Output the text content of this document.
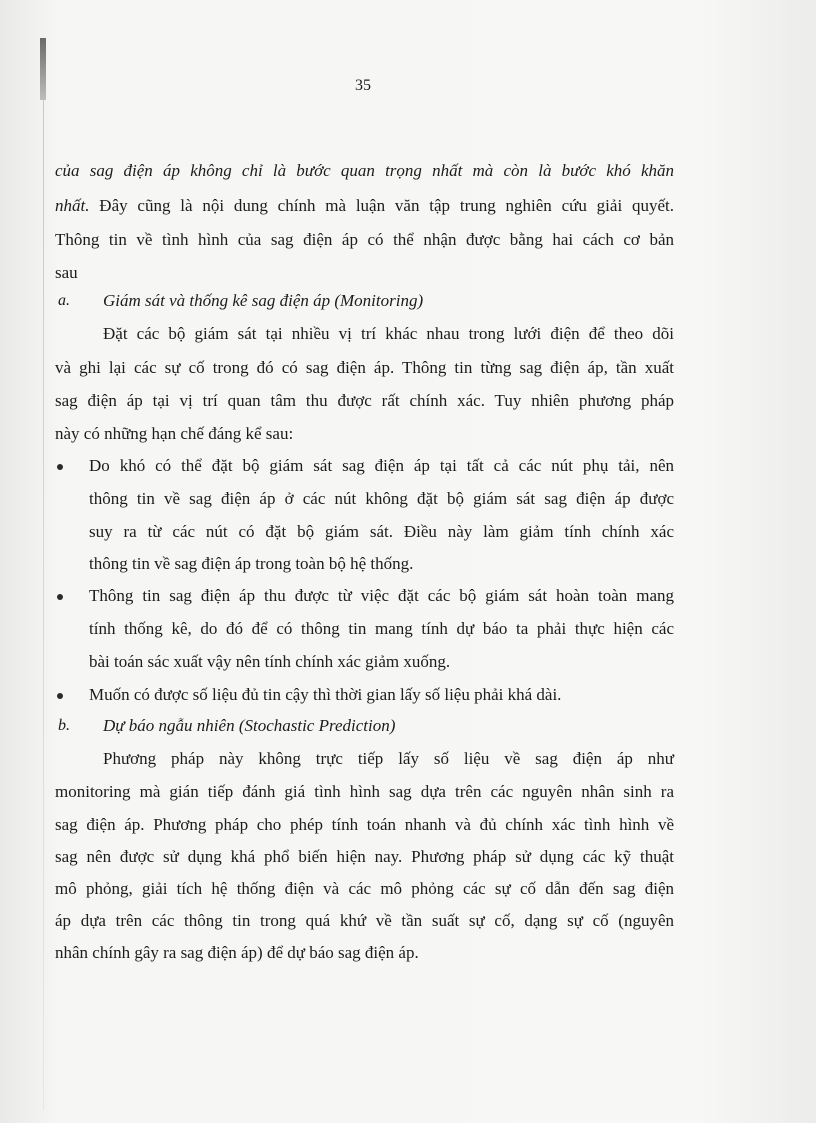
35
của sag điện áp không chỉ là bước quan trọng nhất mà còn là bước khó khăn
nhất. Đây cũng là nội dung chính mà luận văn tập trung nghiên cứu giải quyết.
Thông tin về tình hình của sag điện áp có thể nhận được bằng hai cách cơ bản
sau
a. Giám sát và thống kê sag điện áp (Monitoring)
Đặt các bộ giám sát tại nhiều vị trí khác nhau trong lưới điện để theo dõi
và ghi lại các sự cố trong đó có sag điện áp. Thông tin từng sag điện áp, tần xuất
sag điện áp tại vị trí quan tâm thu được rất chính xác. Tuy nhiên phương pháp
này có những hạn chế đáng kể sau:
Do khó có thể đặt bộ giám sát sag điện áp tại tất cả các nút phụ tải, nên
thông tin về sag điện áp ở các nút không đặt bộ giám sát sag điện áp được
suy ra từ các nút có đặt bộ giám sát. Điều này làm giảm tính chính xác
thông tin về sag điện áp trong toàn bộ hệ thống.
Thông tin sag điện áp thu được từ việc đặt các bộ giám sát hoàn toàn mang
tính thống kê, do đó để có thông tin mang tính dự báo ta phải thực hiện các
bài toán sác xuất vậy nên tính chính xác giảm xuống.
Muốn có được số liệu đủ tin cậy thì thời gian lấy số liệu phải khá dài.
b. Dự báo ngẫu nhiên (Stochastic Prediction)
Phương pháp này không trực tiếp lấy số liệu về sag điện áp như
monitoring mà gián tiếp đánh giá tình hình sag dựa trên các nguyên nhân sinh ra
sag điện áp. Phương pháp cho phép tính toán nhanh và đủ chính xác tình hình về
sag nên được sử dụng khá phổ biến hiện nay. Phương pháp sử dụng các kỹ thuật
mô phỏng, giải tích hệ thống điện và các mô phỏng các sự cố dẫn đến sag điện
áp dựa trên các thông tin trong quá khứ về tần suất sự cố, dạng sự cố (nguyên
nhân chính gây ra sag điện áp) để dự báo sag điện áp.
